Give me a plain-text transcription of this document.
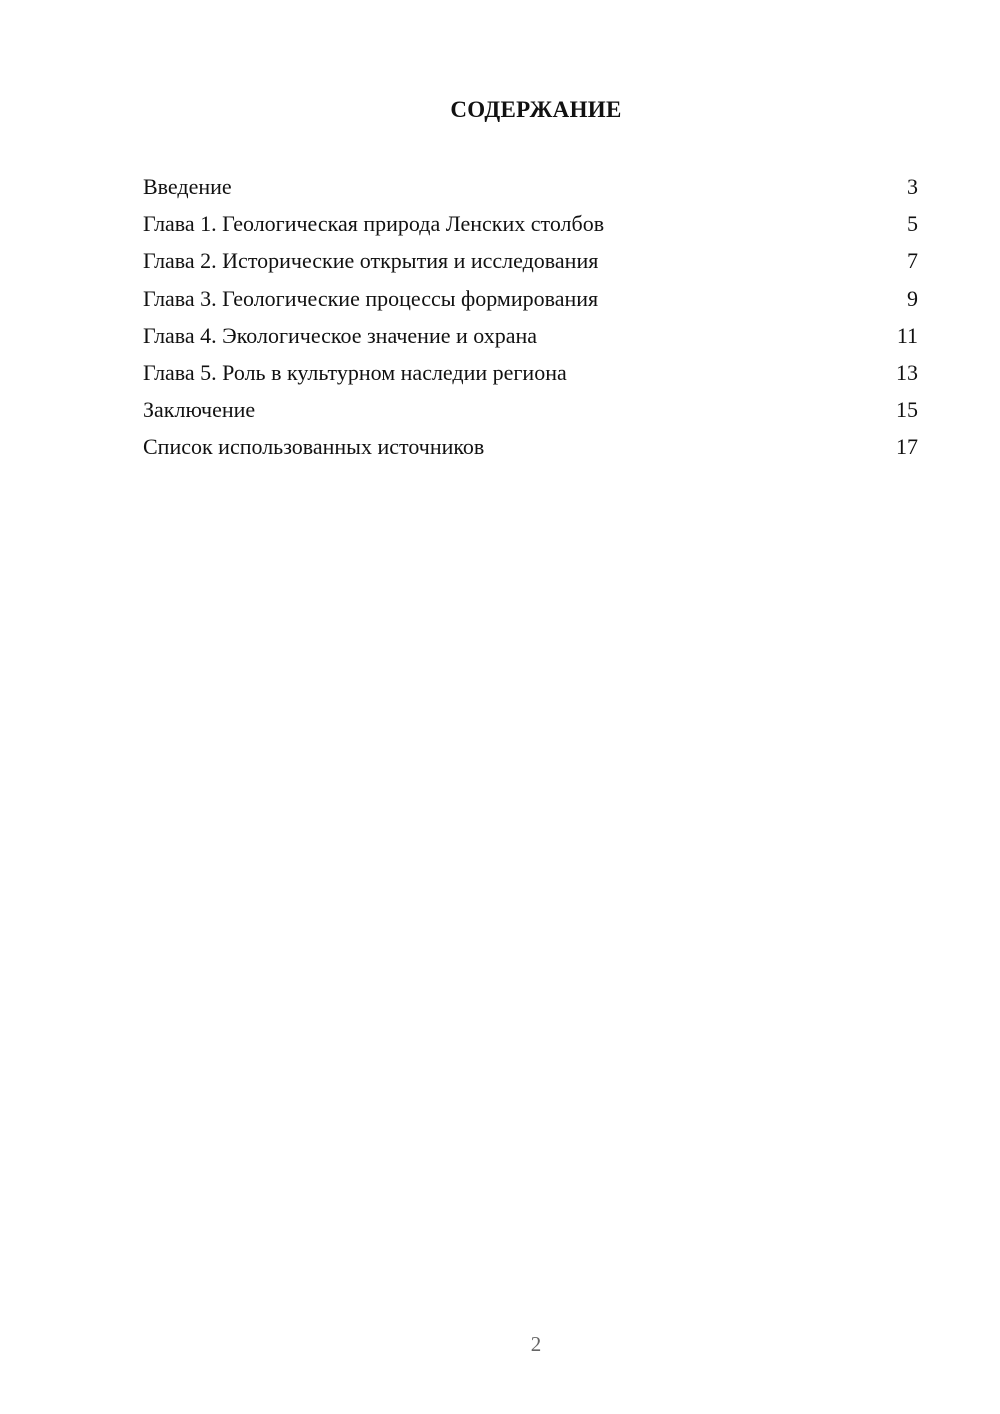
СОДЕРЖАНИЕ
Введение	3
Глава 1. Геологическая природа Ленских столбов	5
Глава 2. Исторические открытия и исследования	7
Глава 3. Геологические процессы формирования	9
Глава 4. Экологическое значение и охрана	11
Глава 5. Роль в культурном наследии региона	13
Заключение	15
Список использованных источников	17
2
